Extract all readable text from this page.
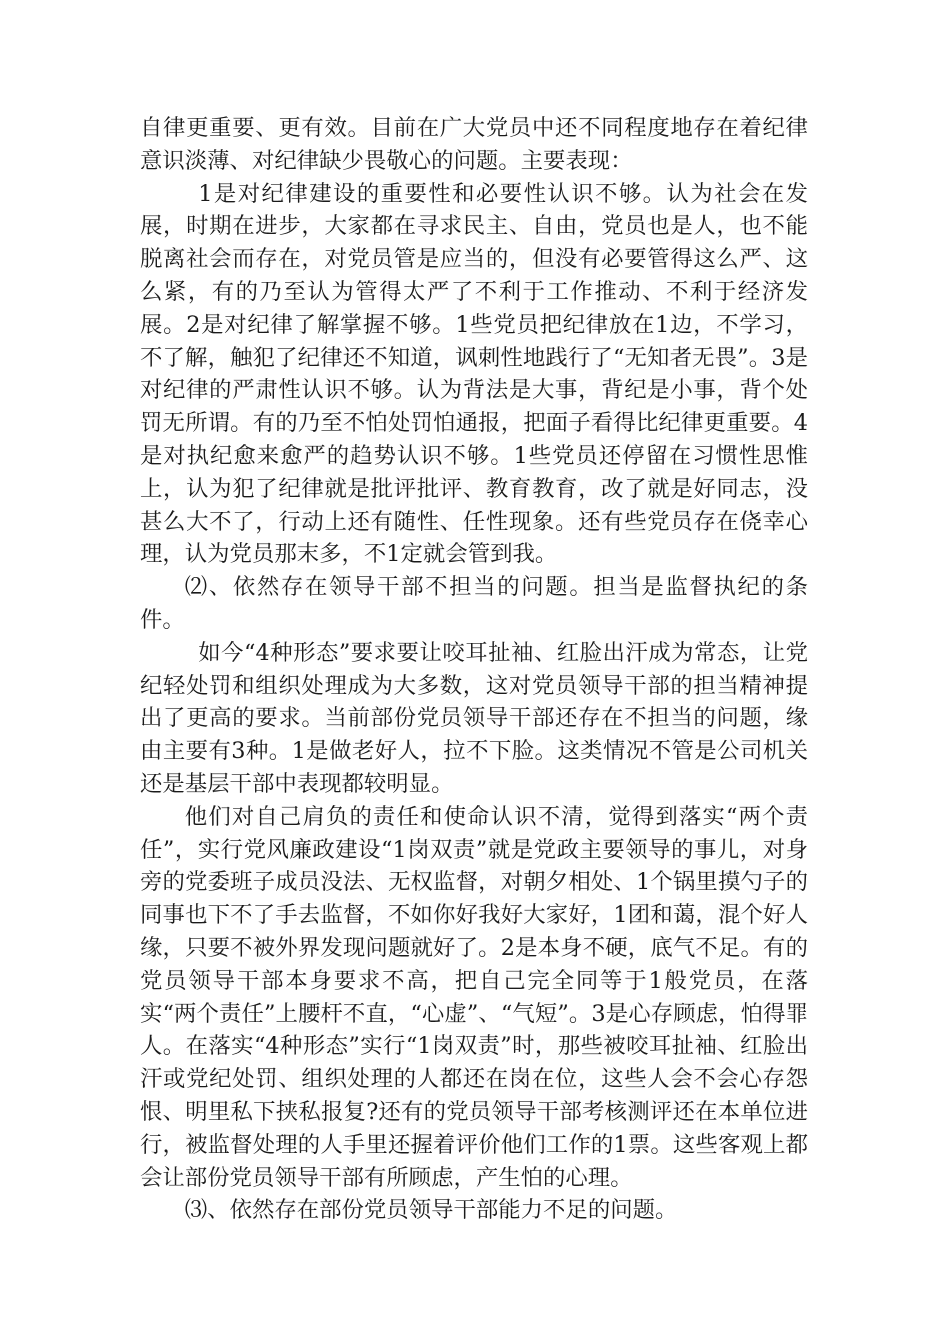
自律更重要、更有效。目前在广大党员中还不同程度地存在着纪律意识淡薄、对纪律缺少畏敬心的问题。主要表现：

1是对纪律建设的重要性和必要性认识不够。认为社会在发展，时期在进步，大家都在寻求民主、自由，党员也是人，也不能脱离社会而存在，对党员管是应当的，但没有必要管得这么严、这么紧，有的乃至认为管得太严了不利于工作推动、不利于经济发展。2是对纪律了解掌握不够。1些党员把纪律放在1边，不学习，不了解，触犯了纪律还不知道，讽刺性地践行了“无知者无畏”。3是对纪律的严肃性认识不够。认为背法是大事，背纪是小事，背个处罚无所谓。有的乃至不怕处罚怕通报，把面子看得比纪律更重要。4是对执纪愈来愈严的趋势认识不够。1些党员还停留在习惯性思惟上，认为犯了纪律就是批评批评、教育教育，改了就是好同志，没甚么大不了，行动上还有随性、任性现象。还有些党员存在侥幸心理，认为党员那末多，不1定就会管到我。

⑵、依然存在领导干部不担当的问题。担当是监督执纪的条件。

如今“4种形态”要求要让咬耳扯袖、红脸出汗成为常态，让党纪轻处罚和组织处理成为大多数，这对党员领导干部的担当精神提出了更高的要求。当前部份党员领导干部还存在不担当的问题，缘由主要有3种。1是做老好人，拉不下脸。这类情况不管是公司机关还是基层干部中表现都较明显。

他们对自己肩负的责任和使命认识不清，觉得到落实“两个责任”，实行党风廉政建设“1岗双责”就是党政主要领导的事儿，对身旁的党委班子成员没法、无权监督，对朝夕相处、1个锅里摸勺子的同事也下不了手去监督，不如你好我好大家好，1团和蔼，混个好人缘，只要不被外界发现问题就好了。2是本身不硬，底气不足。有的党员领导干部本身要求不高，把自己完全同等于1般党员，在落实“两个责任”上腰杆不直，“心虚”、“气短”。3是心存顾虑，怕得罪人。在落实“4种形态”实行“1岗双责”时，那些被咬耳扯袖、红脸出汗或党纪处罚、组织处理的人都还在岗在位，这些人会不会心存怨恨、明里私下挟私报复?还有的党员领导干部考核测评还在本单位进行，被监督处理的人手里还握着评价他们工作的1票。这些客观上都会让部份党员领导干部有所顾虑，产生怕的心理。

⑶、依然存在部份党员领导干部能力不足的问题。
